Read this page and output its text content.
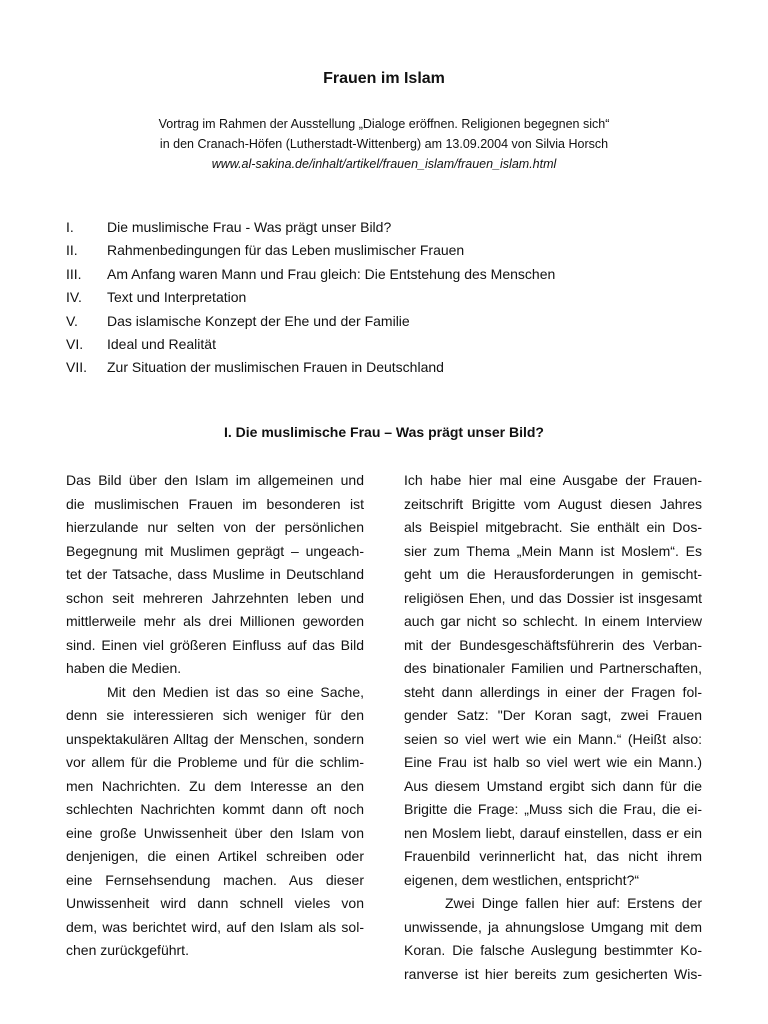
Frauen im Islam
Vortrag im Rahmen der Ausstellung „Dialoge eröffnen. Religionen begegnen sich“
in den Cranach-Höfen (Lutherstadt-Wittenberg) am 13.09.2004 von Silvia Horsch
www.al-sakina.de/inhalt/artikel/frauen_islam/frauen_islam.html
I. Die muslimische Frau - Was prägt unser Bild?
II. Rahmenbedingungen für das Leben muslimischer Frauen
III. Am Anfang waren Mann und Frau gleich: Die Entstehung des Menschen
IV. Text und Interpretation
V. Das islamische Konzept der Ehe und der Familie
VI. Ideal und Realität
VII. Zur Situation der muslimischen Frauen in Deutschland
I. Die muslimische Frau – Was prägt unser Bild?
Das Bild über den Islam im allgemeinen und
die muslimischen Frauen im besonderen ist
hierzulande nur selten von der persönlichen
Begegnung mit Muslimen geprägt – ungeach-
tet der Tatsache, dass Muslime in Deutschland
schon seit mehreren Jahrzehnten leben und
mittlerweile mehr als drei Millionen geworden
sind. Einen viel größeren Einfluss auf das Bild
haben die Medien.
Mit den Medien ist das so eine Sache,
denn sie interessieren sich weniger für den
unspektakulären Alltag der Menschen, sondern
vor allem für die Probleme und für die schlim-
men Nachrichten. Zu dem Interesse an den
schlechten Nachrichten kommt dann oft noch
eine große Unwissenheit über den Islam von
denjenigen, die einen Artikel schreiben oder
eine Fernsehsendung machen. Aus dieser
Unwissenheit wird dann schnell vieles von
dem, was berichtet wird, auf den Islam als sol-
chen zurückgeführt.
Ich habe hier mal eine Ausgabe der Frauen-
zeitschrift Brigitte vom August diesen Jahres
als Beispiel mitgebracht. Sie enthält ein Dos-
sier zum Thema „Mein Mann ist Moslem“. Es
geht um die Herausforderungen in gemischt-
religiösen Ehen, und das Dossier ist insgesamt
auch gar nicht so schlecht. In einem Interview
mit der Bundesgeschäftsführerin des Verban-
des binationaler Familien und Partnerschaften,
steht dann allerdings in einer der Fragen fol-
gender Satz: "Der Koran sagt, zwei Frauen
seien so viel wert wie ein Mann.“ (Heißt also:
Eine Frau ist halb so viel wert wie ein Mann.)
Aus diesem Umstand ergibt sich dann für die
Brigitte die Frage: „Muss sich die Frau, die ei-
nen Moslem liebt, darauf einstellen, dass er ein
Frauenbild verinnerlicht hat, das nicht ihrem
eigenen, dem westlichen, entspricht?“
Zwei Dinge fallen hier auf: Erstens der
unwissende, ja ahnungslose Umgang mit dem
Koran. Die falsche Auslegung bestimmter Ko-
ranverse ist hier bereits zum gesicherten Wis-
